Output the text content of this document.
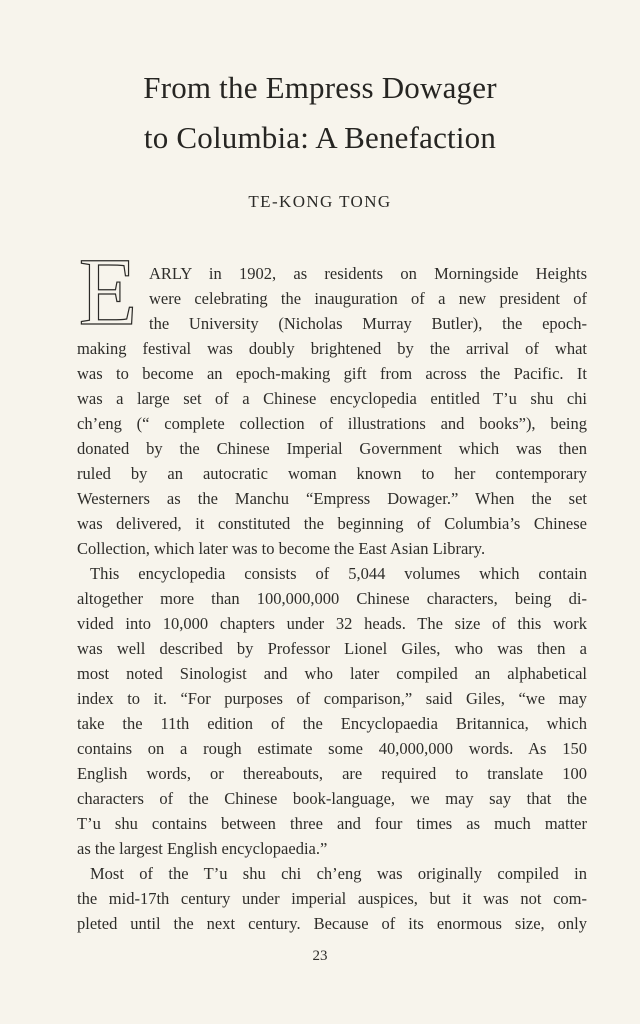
From the Empress Dowager
to Columbia: A Benefaction
TE-KONG TONG
E ARLY in 1902, as residents on Morningside Heights
were celebrating the inauguration of a new president of
the University (Nicholas Murray Butler), the epoch-
making festival was doubly brightened by the arrival of what
was to become an epoch-making gift from across the Pacific. It
was a large set of a Chinese encyclopedia entitled T’u shu chi
ch’eng (“ complete collection of illustrations and books”), being
donated by the Chinese Imperial Government which was then
ruled by an autocratic woman known to her contemporary
Westerners as the Manchu “Empress Dowager.” When the set
was delivered, it constituted the beginning of Columbia’s Chinese
Collection, which later was to become the East Asian Library.
This encyclopedia consists of 5,044 volumes which contain
altogether more than 100,000,000 Chinese characters, being di-
vided into 10,000 chapters under 32 heads. The size of this work
was well described by Professor Lionel Giles, who was then a
most noted Sinologist and who later compiled an alphabetical
index to it. “For purposes of comparison,” said Giles, “we may
take the 11th edition of the Encyclopaedia Britannica, which
contains on a rough estimate some 40,000,000 words. As 150
English words, or thereabouts, are required to translate 100
characters of the Chinese book-language, we may say that the
T’u shu contains between three and four times as much matter
as the largest English encyclopaedia.”
Most of the T’u shu chi ch’eng was originally compiled in
the mid-17th century under imperial auspices, but it was not com-
pleted until the next century. Because of its enormous size, only
23
